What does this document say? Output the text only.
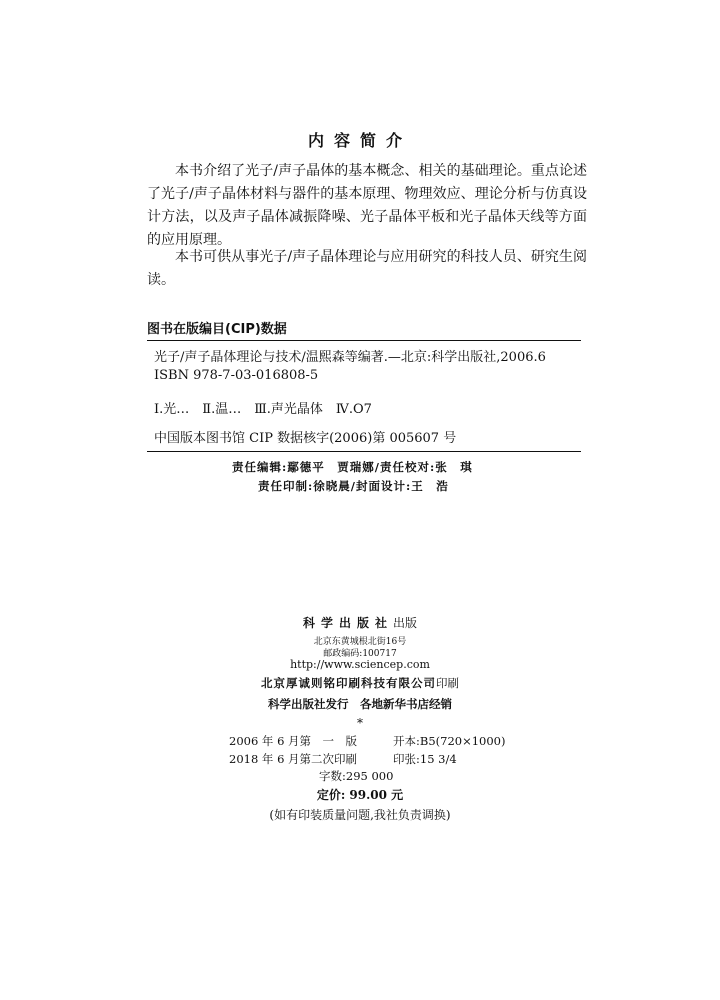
内容简介

本书介绍了光子/声子晶体的基本概念、相关的基础理论。重点论述了光子/声子晶体材料与器件的基本原理、物理效应、理论分析与仿真设计方法，以及声子晶体减振降噪、光子晶体平板和光子晶体天线等方面的应用原理。

本书可供从事光子/声子晶体理论与应用研究的科技人员、研究生阅读。

图书在版编目(CIP)数据
光子/声子晶体理论与技术/温熙森等编著.—北京:科学出版社,2006.6
ISBN 978-7-03-016808-5
Ⅰ.光…　Ⅱ.温…　Ⅲ.声光晶体　Ⅳ.O7
中国版本图书馆 CIP 数据核字(2006)第 005607 号
责任编辑:鄢德平　贾瑞娜/责任校对:张　琪
责任印制:徐晓晨/封面设计:王　浩
科学出版社出版
北京东黄城根北街16号
邮政编码:100717
http://www.sciencep.com
北京厚诚则铭印刷科技有限公司印刷
科学出版社发行　各地新华书店经销
*
2006 年 6 月第　一　版	开本:B5(720×1000)
2018 年 6 月第二次印刷	印张:15 3/4
字数:295 000
定价: 99.00 元
(如有印装质量问题,我社负责调换)
